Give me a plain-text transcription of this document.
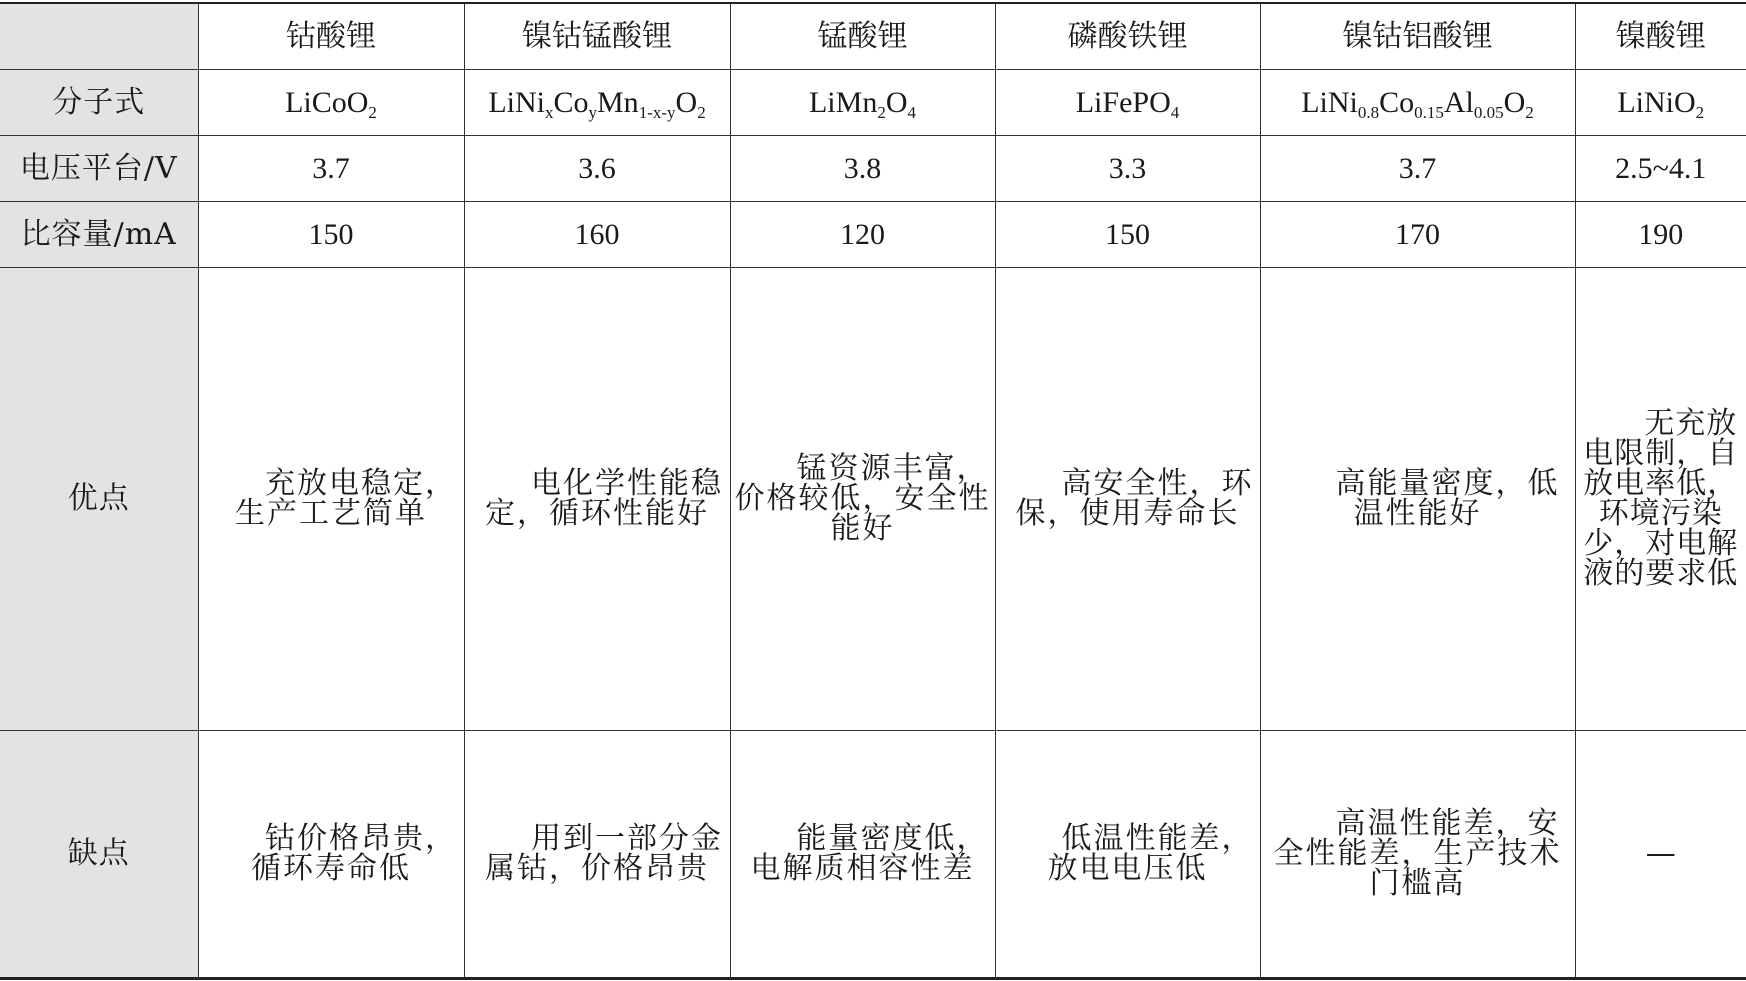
	钴酸锂	镍钴锰酸锂	锰酸锂	磷酸铁锂	镍钴铝酸锂	镍酸锂
分子式	LiCoO$_2$	$LiNi_xCo_yMn_{1-x-y}O_2$	$LiMn_2O_4$	LiFePO$_4$	$LiNi_{0.8}Co_{0.15}Al_{0.05}O_2$	LiNiO$_2$
电压平台/V	3.7	3.6	3.8	3.3	3.7	2.5~4.1
比容量/mA	150	160	120	150	170	190
优点	充放电稳定，生产工艺简单	电化学性能稳定，循环性能好	锰资源丰富，价格较低，安全性能好	高安全性，环保，使用寿命长	高能量密度，低温性能好	无充放电限制，自放电率低，环境污染少，对电解液的要求低
缺点	钴价格昂贵，循环寿命低	用到一部分金属钴，价格昂贵	能量密度低，电解质相容性差	低温性能差，放电电压低	高温性能差，安全性能差，生产技术门槛高	—
